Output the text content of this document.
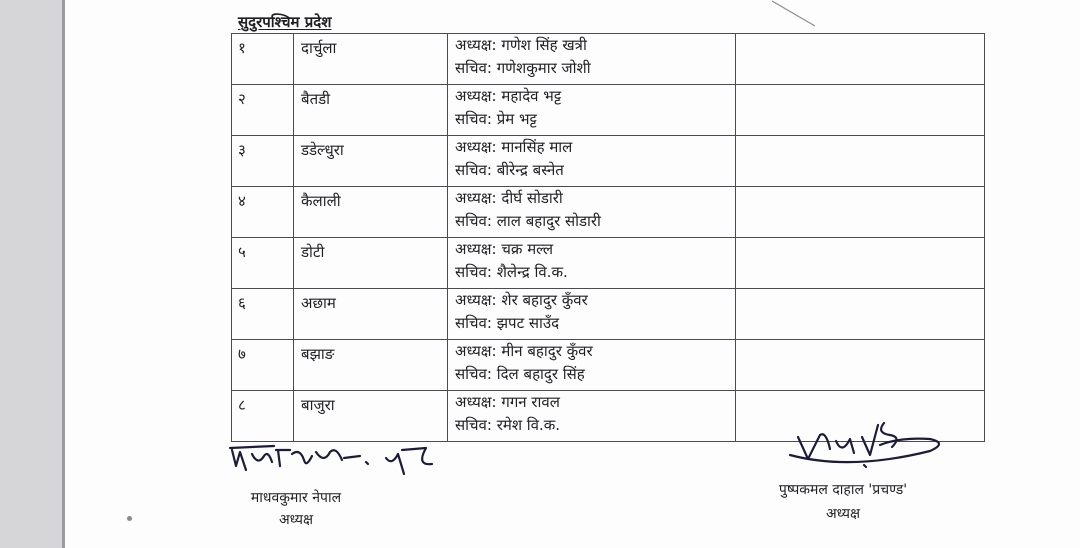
सुदुरपश्चिम प्रदेश
१	दार्चुला	अध्यक्ष: गणेश सिंह खत्री
सचिव: गणेशकुमार जोशी	

२	बैतडी	अध्यक्ष: महादेव भट्ट
सचिव: प्रेम भट्ट	

३	डडेल्धुरा	अध्यक्ष: मानसिंह माल
सचिव: बीरेन्द्र बस्नेत	

४	कैलाली	अध्यक्ष: दीर्घ सोडारी
सचिव: लाल बहादुर सोडारी	

५	डोटी	अध्यक्ष: चक्र मल्ल
सचिव: शैलेन्द्र वि.क.	

६	अछाम	अध्यक्ष: शेर बहादुर कुँवर
सचिव: झपट साउँद	

७	बझाङ	अध्यक्ष: मीन बहादुर कुँवर
सचिव: दिल बहादुर सिंह	

८	बाजुरा	अध्यक्ष: गगन रावल
सचिव: रमेश वि.क.	

माधवकुमार नेपाल
अध्यक्ष
पुष्पकमल दाहाल 'प्रचण्ड'
अध्यक्ष
